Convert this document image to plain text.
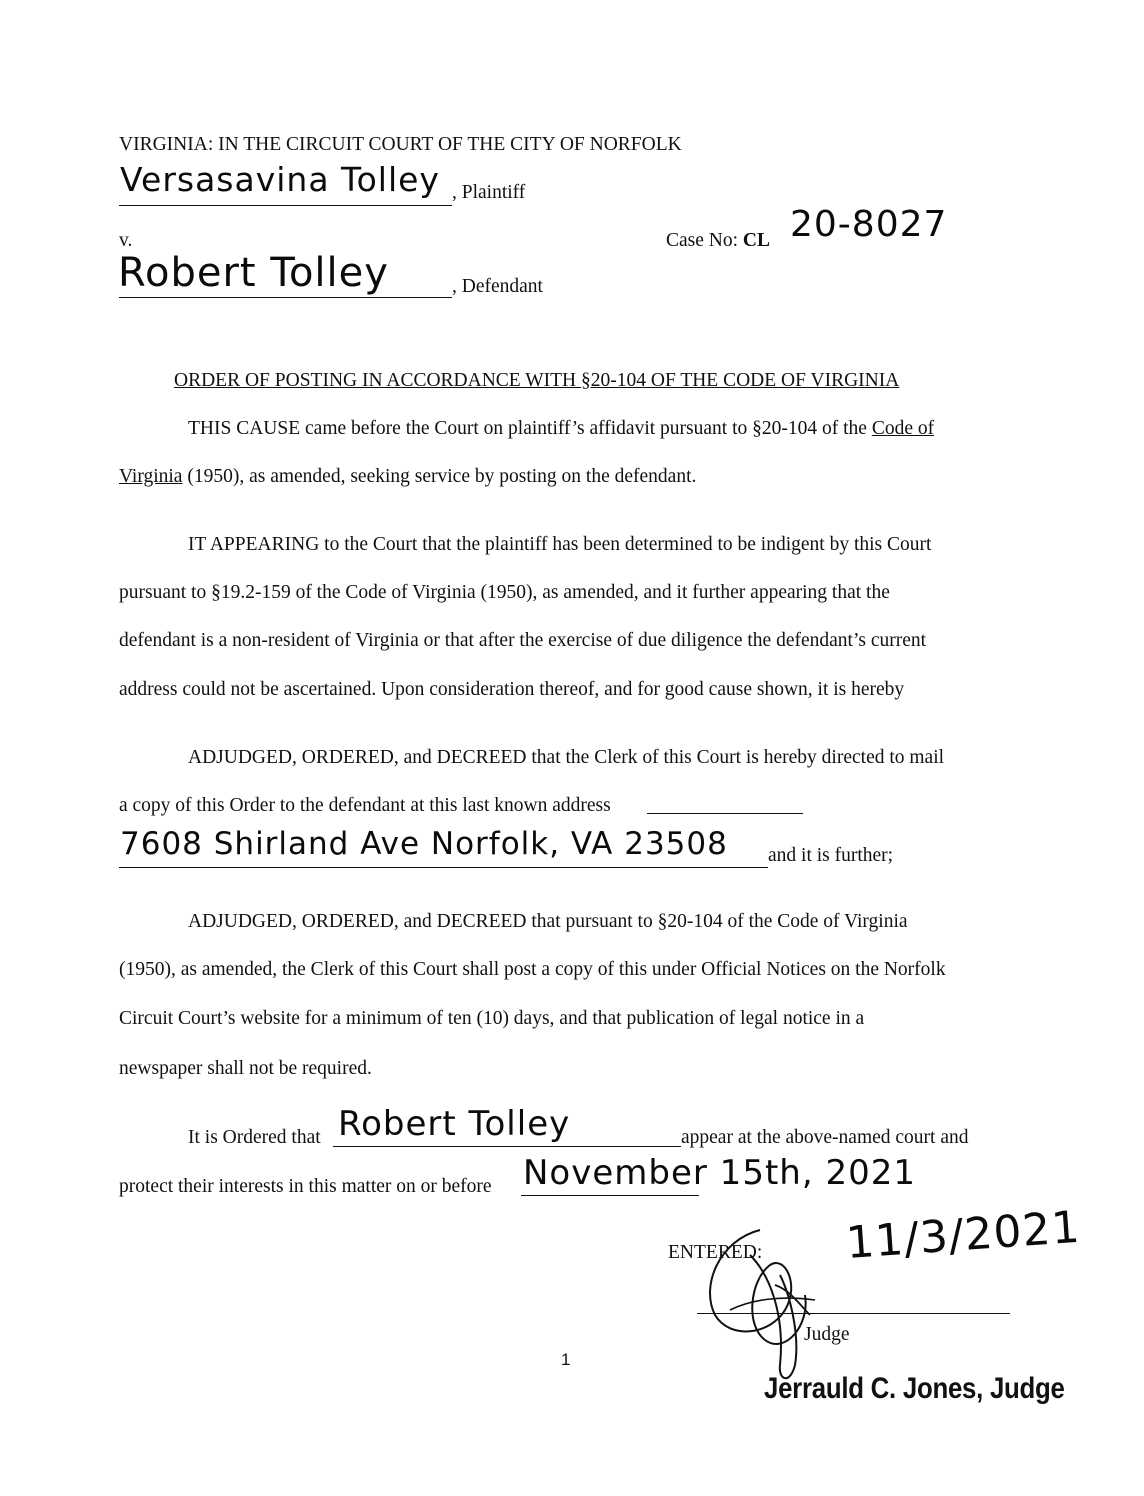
VIRGINIA: IN THE CIRCUIT COURT OF THE CITY OF NORFOLK
Versasavina Tolley , Plaintiff
v.
Robert Tolley	, Defendant
Case No: CL 20-8027
ORDER OF POSTING IN ACCORDANCE WITH §20-104 OF THE CODE OF VIRGINIA
THIS CAUSE came before the Court on plaintiff’s affidavit pursuant to §20-104 of the Code of
Virginia (1950), as amended, seeking service by posting on the defendant.
IT APPEARING to the Court that the plaintiff has been determined to be indigent by this Court
pursuant to §19.2-159 of the Code of Virginia (1950), as amended, and it further appearing that the
defendant is a non-resident of Virginia or that after the exercise of due diligence the defendant’s current
address could not be ascertained. Upon consideration thereof, and for good cause shown, it is hereby
ADJUDGED, ORDERED, and DECREED that the Clerk of this Court is hereby directed to mail
a copy of this Order to the defendant at this last known address
7608 Shirland Ave Norfolk, VA 23508 and it is further;
ADJUDGED, ORDERED, and DECREED that pursuant to §20-104 of the Code of Virginia
(1950), as amended, the Clerk of this Court shall post a copy of this under Official Notices on the Norfolk
Circuit Court’s website for a minimum of ten (10) days, and that publication of legal notice in a
newspaper shall not be required.
It is Ordered that Robert Tolley	appear at the above-named court and
protect their interests in this matter on or before November 15th, 2021
ENTERED: 11/3/2021
Judge
1
Jerrauld C. Jones, Judge
